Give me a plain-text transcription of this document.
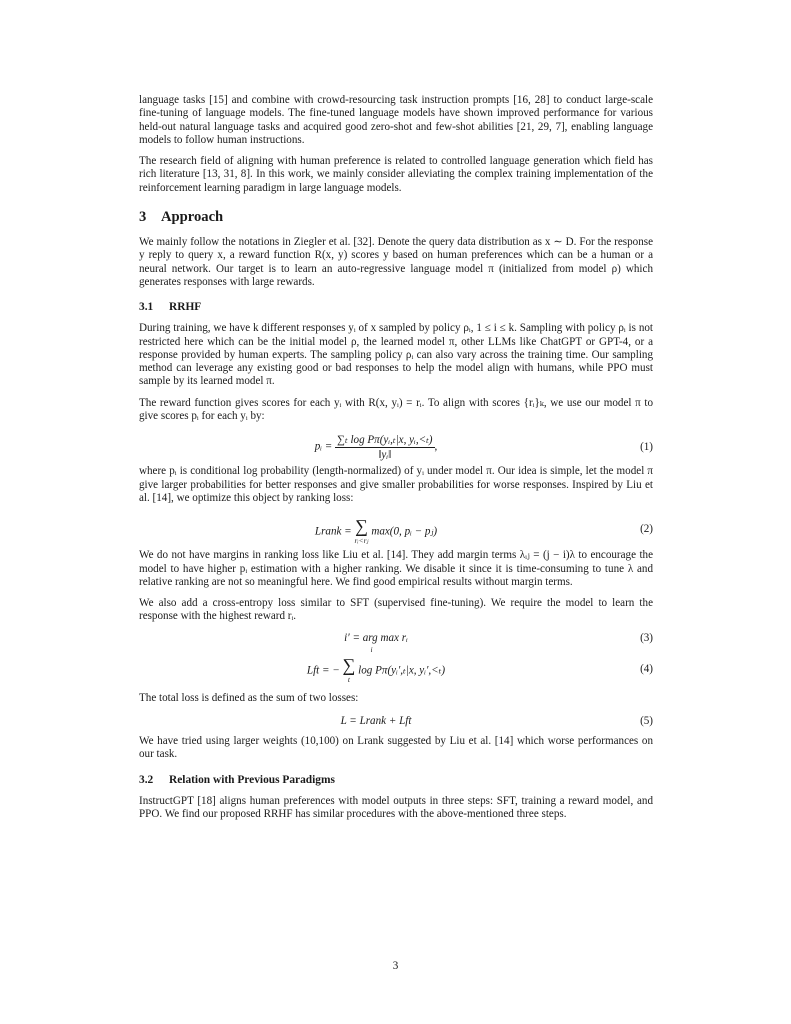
language tasks [15] and combine with crowd-resourcing task instruction prompts [16, 28] to conduct large-scale fine-tuning of language models. The fine-tuned language models have shown improved performance for various held-out natural language tasks and acquired good zero-shot and few-shot abilities [21, 29, 7], enabling language models to follow human instructions.

The research field of aligning with human preference is related to controlled language generation which field has rich literature [13, 31, 8]. In this work, we mainly consider alleviating the complex training implementation of the reinforcement learning paradigm in large language models.

3 Approach

We mainly follow the notations in Ziegler et al. [32]. Denote the query data distribution as x ∼ D. For the response y reply to query x, a reward function R(x, y) scores y based on human preferences which can be a human or a neural network. Our target is to learn an auto-regressive language model π (initialized from model ρ) which generates responses with large rewards.

3.1 RRHF

During training, we have k different responses yᵢ of x sampled by policy ρᵢ, 1 ≤ i ≤ k. Sampling with policy ρᵢ is not restricted here which can be the initial model ρ, the learned model π, other LLMs like ChatGPT or GPT-4, or a response provided by human experts. The sampling policy ρᵢ can also vary across the training time. Our sampling method can leverage any existing good or bad responses to help the model align with humans, while PPO must sample by its learned model π.

The reward function gives scores for each yᵢ with R(x, yᵢ) = rᵢ. To align with scores {rᵢ}ₖ, we use our model π to give scores pᵢ for each yᵢ by:

pᵢ = $\frac{\text{∑ₜ log Pπ(yᵢ,ₜ|x, yᵢ,<ₜ)}}{\text{‖yᵢ‖}}$ ,	(1)

where pᵢ is conditional log probability (length-normalized) of yᵢ under model π. Our idea is simple, let the model π give larger probabilities for better responses and give smaller probabilities for worse responses. Inspired by Liu et al. [14], we optimize this object by ranking loss:

Lrank = ∑
rᵢ<rⱼ
max(0, pᵢ − pⱼ)	(2)

We do not have margins in ranking loss like Liu et al. [14]. They add margin terms λᵢⱼ = (j − i)λ to encourage the model to have higher pᵢ estimation with a higher ranking. We disable it since it is time-consuming to tune λ and relative ranking are not so meaningful here. We find good empirical results without margin terms.

We also add a cross-entropy loss similar to SFT (supervised fine-tuning). We require the model to learn the response with the highest reward rᵢ.

i′ = arg max
i
rᵢ	(3)
Lft = − ∑
t
log Pπ(yᵢ′,ₜ|x, yᵢ′,<ₜ)	(4)

The total loss is defined as the sum of two losses:

L = Lrank + Lft	(5)

We have tried using larger weights (10,100) on Lrank suggested by Liu et al. [14] which worse performances on our task.

3.2 Relation with Previous Paradigms

InstructGPT [18] aligns human preferences with model outputs in three steps: SFT, training a reward model, and PPO. We find our proposed RRHF has similar procedures with the above-mentioned three steps.

3
